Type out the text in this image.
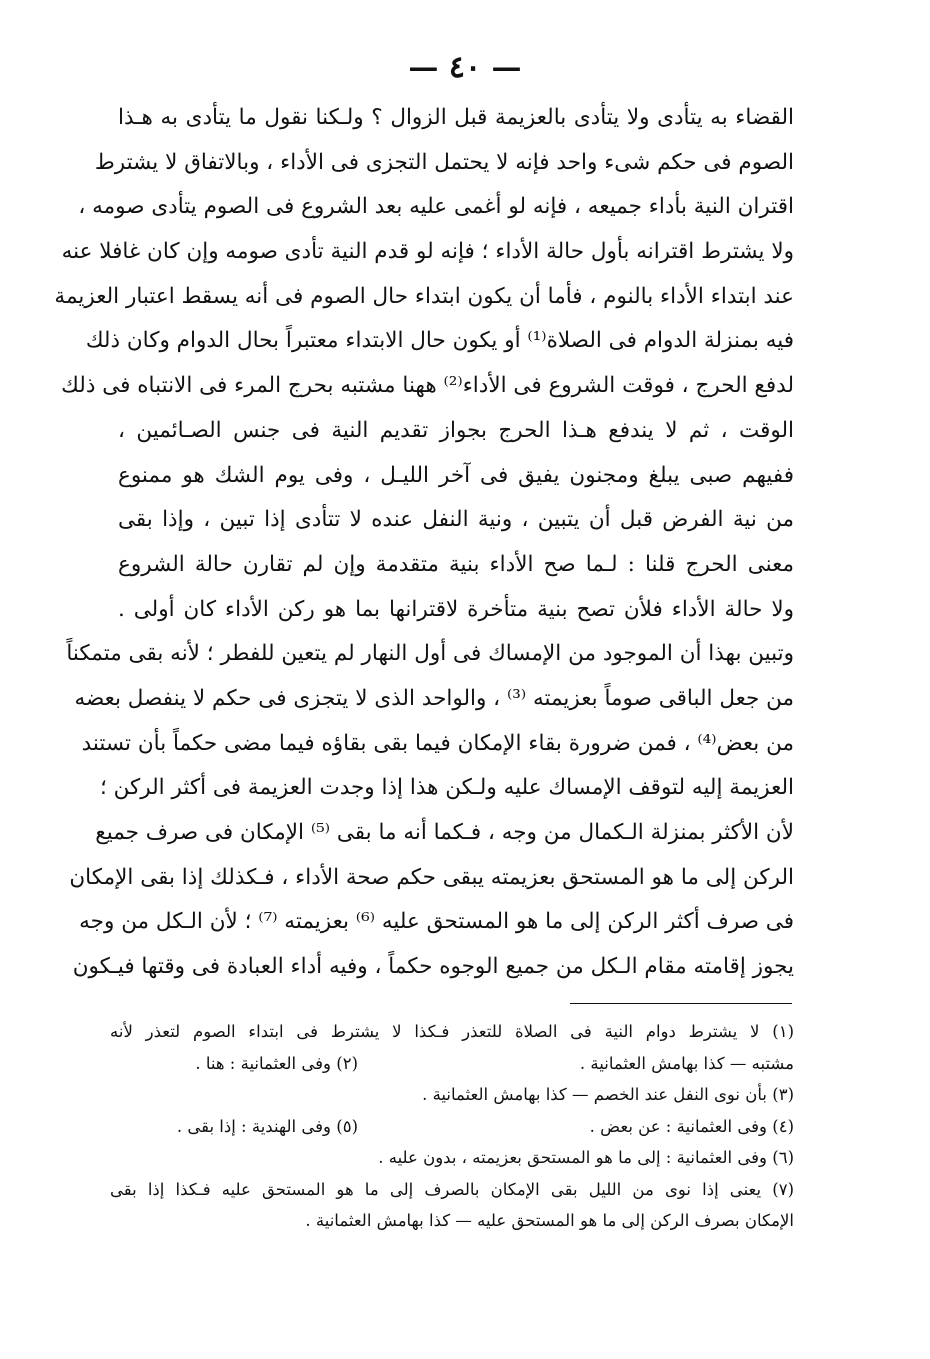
— ٤٠ —
القضاء به يتأدى ولا يتأدى بالعزيمة قبل الزوال ؟ ولـكنا نقول ما يتأدى به هـذا
الصوم فى حكم شىء واحد فإنه لا يحتمل التجزى فى الأداء ، وبالاتفاق لا يشترط
اقتران النية بأداء جميعه ، فإنه لو أغمى عليه بعد الشروع فى الصوم يتأدى صومه ،
ولا يشترط اقترانه بأول حالة الأداء ؛ فإنه لو قدم النية تأدى صومه وإن كان غافلا عنه
عند ابتداء الأداء بالنوم ، فأما أن يكون ابتداء حال الصوم فى أنه يسقط اعتبار العزيمة
فيه بمنزلة الدوام فى الصلاة⁽¹⁾ أو يكون حال الابتداء معتبراً بحال الدوام وكان ذلك
لدفع الحرج ، فوقت الشروع فى الأداء⁽²⁾ ههنا مشتبه بحرج المرء فى الانتباه فى ذلك
الوقت ، ثم لا يندفع هـذا الحرج بجواز تقديم النية فى جنس الصـائمين ،
ففيهم صبى يبلغ ومجنون يفيق فى آخر الليـل ، وفى يوم الشك هو ممنوع
من نية الفرض قبل أن يتبين ، ونية النفل عنده لا تتأدى إذا تبين ، وإذا بقى
معنى الحرج قلنا : لـما صح الأداء بنية متقدمة وإن لم تقارن حالة الشروع
ولا حالة الأداء فلأن تصح بنية متأخرة لاقترانها بما هو ركن الأداء كان أولى .
وتبين بهذا أن الموجود من الإمساك فى أول النهار لم يتعين للفطر ؛ لأنه بقى متمكناً
من جعل الباقى صوماً بعزيمته ⁽³⁾ ، والواحد الذى لا يتجزى فى حكم لا ينفصل بعضه
من بعض⁽⁴⁾ ، فمن ضرورة بقاء الإمكان فيما بقى بقاؤه فيما مضى حكماً بأن تستند
العزيمة إليه لتوقف الإمساك عليه ولـكن هذا إذا وجدت العزيمة فى أكثر الركن ؛
لأن الأكثر بمنزلة الـكمال من وجه ، فـكما أنه ما بقى ⁽⁵⁾ الإمكان فى صرف جميع
الركن إلى ما هو المستحق بعزيمته يبقى حكم صحة الأداء ، فـكذلك إذا بقى الإمكان
فى صرف أكثر الركن إلى ما هو المستحق عليه ⁽⁶⁾ بعزيمته ⁽⁷⁾ ؛ لأن الـكل من وجه
يجوز إقامته مقام الـكل من جميع الوجوه حكماً ، وفيه أداء العبادة فى وقتها فيـكون
(١) لا يشترط دوام النية فى الصلاة للتعذر فـكذا لا يشترط فى ابتداء الصوم لتعذر لأنه
مشتبه — كذا بهامش العثمانية .
(٢) وفى العثمانية : هنا .
(٣) بأن نوى النفل عند الخصم — كذا بهامش العثمانية .
(٤) وفى العثمانية : عن بعض .
(٥) وفى الهندية : إذا بقى .
(٦) وفى العثمانية : إلى ما هو المستحق بعزيمته ، بدون عليه .
(٧) يعنى إذا نوى من الليل بقى الإمكان بالصرف إلى ما هو المستحق عليه فـكذا إذا بقى
الإمكان بصرف الركن إلى ما هو المستحق عليه — كذا بهامش العثمانية .
